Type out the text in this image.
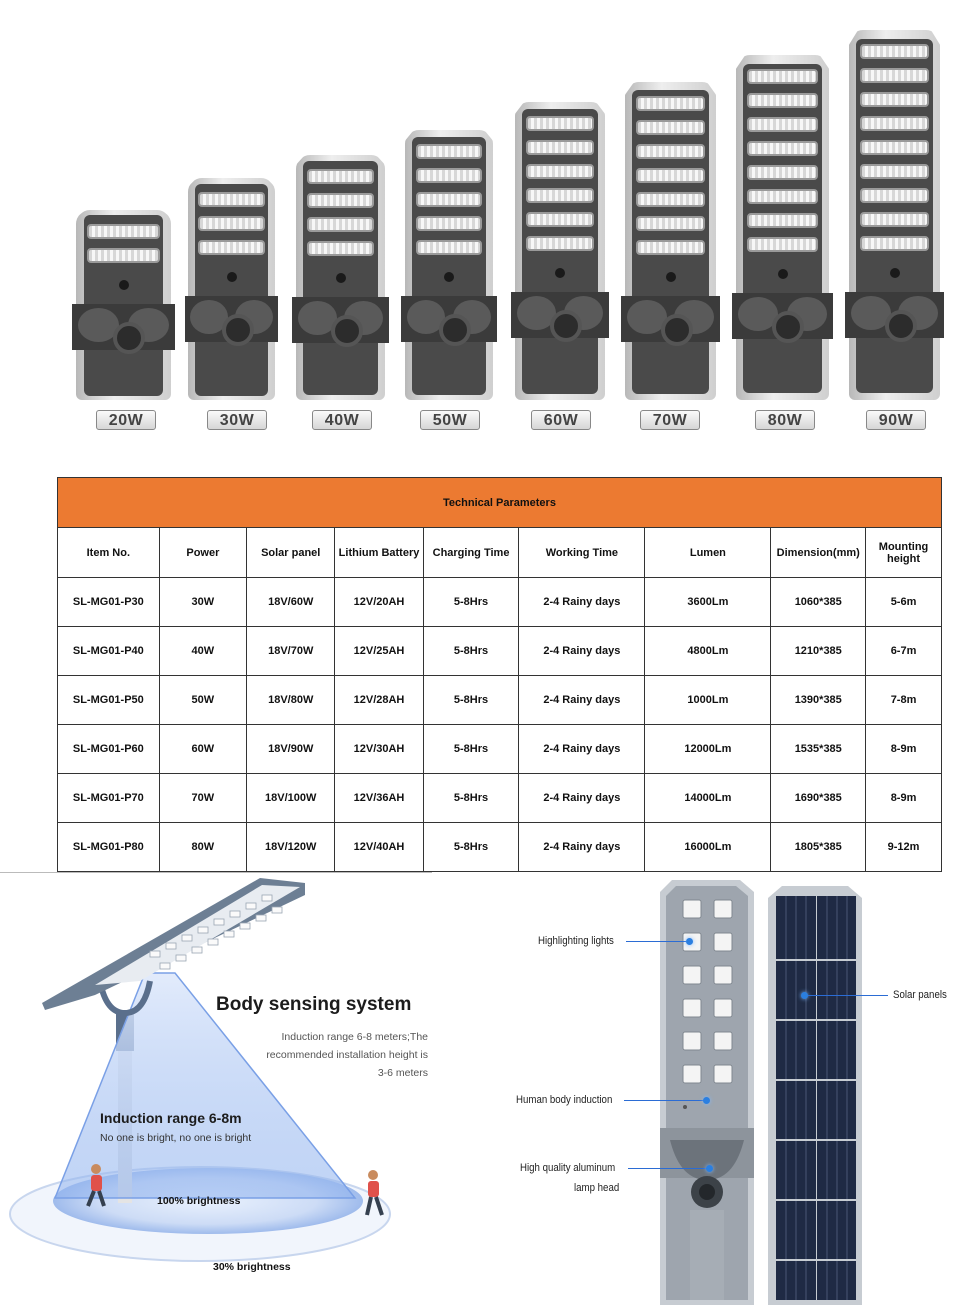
Technical Parameters								
Item No.	Power	Solar panel	Lithium Battery	Charging Time	Working Time	Lumen	Dimension(mm)	Mounting height
SL-MG01-P30	30W	18V/60W	12V/20AH	5-8Hrs	2-4 Rainy days	3600Lm	1060*385	5-6m
SL-MG01-P40	40W	18V/70W	12V/25AH	5-8Hrs	2-4 Rainy days	4800Lm	1210*385	6-7m
SL-MG01-P50	50W	18V/80W	12V/28AH	5-8Hrs	2-4 Rainy days	1000Lm	1390*385	7-8m
SL-MG01-P60	60W	18V/90W	12V/30AH	5-8Hrs	2-4 Rainy days	12000Lm	1535*385	8-9m
SL-MG01-P70	70W	18V/100W	12V/36AH	5-8Hrs	2-4 Rainy days	14000Lm	1690*385	8-9m
SL-MG01-P80	80W	18V/120W	12V/40AH	5-8Hrs	2-4 Rainy days	16000Lm	1805*385	9-12m
Body sensing system
Induction range 6-8 meters;The
recommended installation height is
3-6 meters
Induction range 6-8m
No one is bright, no one is bright
100% brightness
30% brightness
Highlighting lights
Human body induction
High quality aluminum
lamp head
Solar panels
20W	30W	40W	50W	60W	70W	80W	90W
